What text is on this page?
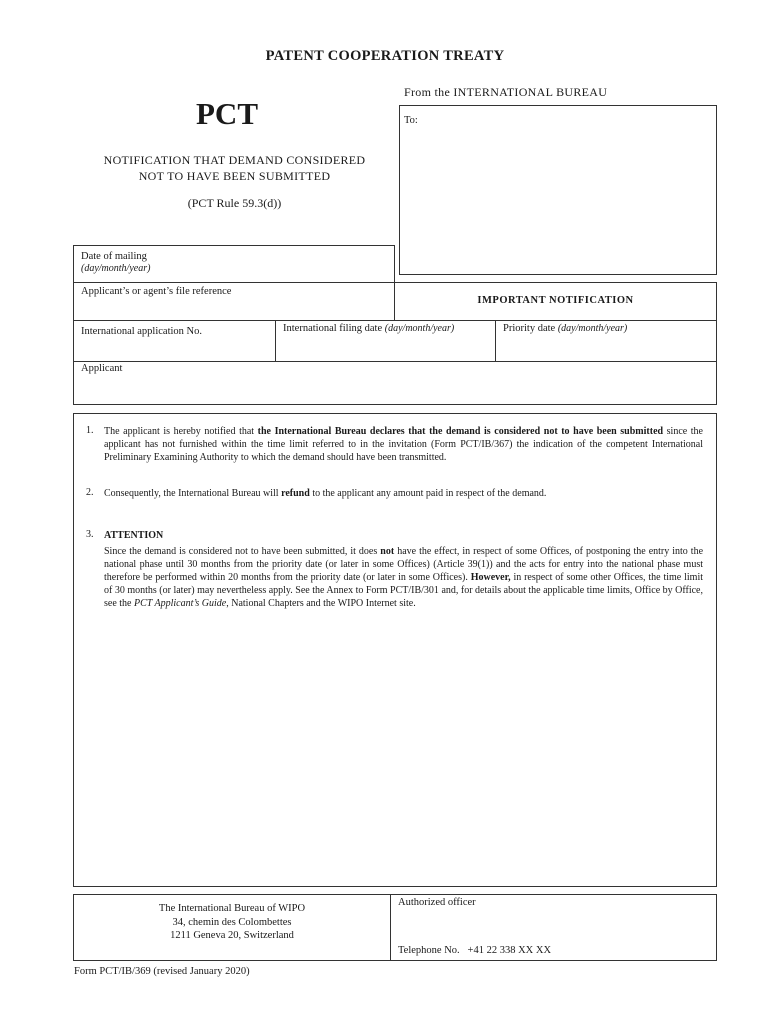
PATENT COOPERATION TREATY
PCT
NOTIFICATION THAT DEMAND CONSIDERED
NOT TO HAVE BEEN SUBMITTED
(PCT Rule 59.3(d))
From the INTERNATIONAL BUREAU
To:
Date of mailing
(day/month/year)
Applicant’s or agent’s file reference
IMPORTANT NOTIFICATION
International application No.	International filing date (day/month/year)	Priority date (day/month/year)
Applicant
1. The applicant is hereby notified that the International Bureau declares that the demand is considered not to have been submitted since the applicant has not furnished within the time limit referred to in the invitation (Form PCT/IB/367) the indication of the competent International Preliminary Examining Authority to which the demand should have been transmitted.
2. Consequently, the International Bureau will refund to the applicant any amount paid in respect of the demand.
3. ATTENTION
Since the demand is considered not to have been submitted, it does not have the effect, in respect of some Offices, of postponing the entry into the national phase until 30 months from the priority date (or later in some Offices) (Article 39(1)) and the acts for entry into the national phase must therefore be performed within 20 months from the priority date (or later in some Offices). However, in respect of some other Offices, the time limit of 30 months (or later) may nevertheless apply. See the Annex to Form PCT/IB/301 and, for details about the applicable time limits, Office by Office, see the PCT Applicant’s Guide, National Chapters and the WIPO Internet site.
The International Bureau of WIPO
34, chemin des Colombettes
1211 Geneva 20, Switzerland
Authorized officer
Telephone No. +41 22 338 XX XX
Form PCT/IB/369 (revised January 2020)
